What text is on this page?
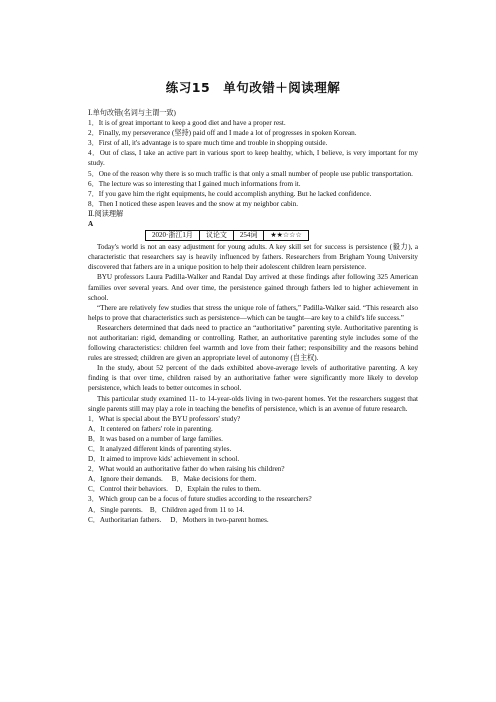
练习15　单句改错＋阅读理解

Ⅰ.单句改错(名词与主谓一致)

1．It is of great important to keep a good diet and have a proper rest.

2．Finally, my perseverance (坚持) paid off and I made a lot of progresses in spoken Korean.

3．First of all, it's advantage is to spare much time and trouble in shopping outside.

4．Out of class, I take an active part in various sport to keep healthy, which, I believe, is very important for my study.

5．One of the reason why there is so much traffic is that only a small number of people use public transportation.

6．The lecture was so interesting that I gained much informations from it.

7．If you gave him the right equipments, he could accomplish anything. But he lacked confidence.

8．Then I noticed these aspen leaves and the snow at my neighbor cabin.

Ⅱ.阅读理解

A

2020·浙江1月	议论文	254词	★★☆☆☆

Today's world is not an easy adjustment for young adults. A key skill set for success is persistence (毅力), a characteristic that researchers say is heavily influenced by fathers. Researchers from Brigham Young University discovered that fathers are in a unique position to help their adolescent children learn persistence.

BYU professors Laura Padilla-Walker and Randal Day arrived at these findings after following 325 American families over several years. And over time, the persistence gained through fathers led to higher achievement in school.

“There are relatively few studies that stress the unique role of fathers,” Padilla-Walker said. “This research also helps to prove that characteristics such as persistence—which can be taught—are key to a child's life success.”

Researchers determined that dads need to practice an “authoritative” parenting style. Authoritative parenting is not authoritarian: rigid, demanding or controlling. Rather, an authoritative parenting style includes some of the following characteristics: children feel warmth and love from their father; responsibility and the reasons behind rules are stressed; children are given an appropriate level of autonomy (自主权).

In the study, about 52 percent of the dads exhibited above-average levels of authoritative parenting. A key finding is that over time, children raised by an authoritative father were significantly more likely to develop persistence, which leads to better outcomes in school.

This particular study examined 11- to 14-year-olds living in two-parent homes. Yet the researchers suggest that single parents still may play a role in teaching the benefits of persistence, which is an avenue of future research.

1．What is special about the BYU professors' study?

A．It centered on fathers' role in parenting.

B．It was based on a number of large families.

C．It analyzed different kinds of parenting styles.

D．It aimed to improve kids' achievement in school.

2．What would an authoritative father do when raising his children?

A．Ignore their demands.　 B．Make decisions for them.

C．Control their behaviors.　D．Explain the rules to them.

3．Which group can be a focus of future studies according to the researchers?

A．Single parents.　B．Children aged from 11 to 14.

C．Authoritarian fathers.　 D．Mothers in two-parent homes.
